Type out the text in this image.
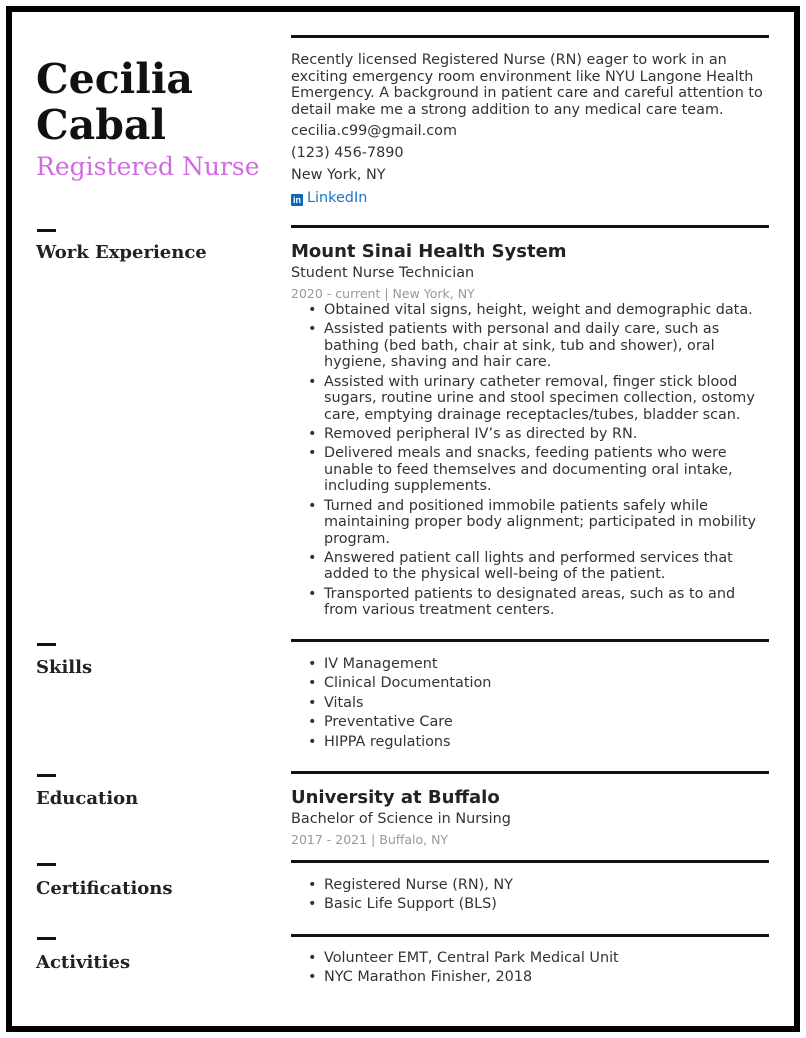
Cecilia
Cabal
Registered Nurse
Recently licensed Registered Nurse (RN) eager to work in an exciting emergency room environment like NYU Langone Health Emergency. A background in patient care and careful attention to detail make me a strong addition to any medical care team.
cecilia.c99@gmail.com
(123) 456-7890
New York, NY
in LinkedIn
Work Experience	Mount Sinai Health System
Student Nurse Technician
2020 - current | New York, NY
• Obtained vital signs, height, weight and demographic data.
• Assisted patients with personal and daily care, such as bathing (bed bath, chair at sink, tub and shower), oral hygiene, shaving and hair care.
• Assisted with urinary catheter removal, finger stick blood sugars, routine urine and stool specimen collection, ostomy care, emptying drainage receptacles/tubes, bladder scan.
• Removed peripheral IV’s as directed by RN.
• Delivered meals and snacks, feeding patients who were unable to feed themselves and documenting oral intake, including supplements.
• Turned and positioned immobile patients safely while maintaining proper body alignment; participated in mobility program.
• Answered patient call lights and performed services that added to the physical well-being of the patient.
• Transported patients to designated areas, such as to and from various treatment centers.
Skills	• IV Management
• Clinical Documentation
• Vitals
• Preventative Care
• HIPPA regulations
Education	University at Buffalo
Bachelor of Science in Nursing
2017 - 2021 | Buffalo, NY
Certifications	• Registered Nurse (RN), NY
• Basic Life Support (BLS)
Activities	• Volunteer EMT, Central Park Medical Unit
• NYC Marathon Finisher, 2018
